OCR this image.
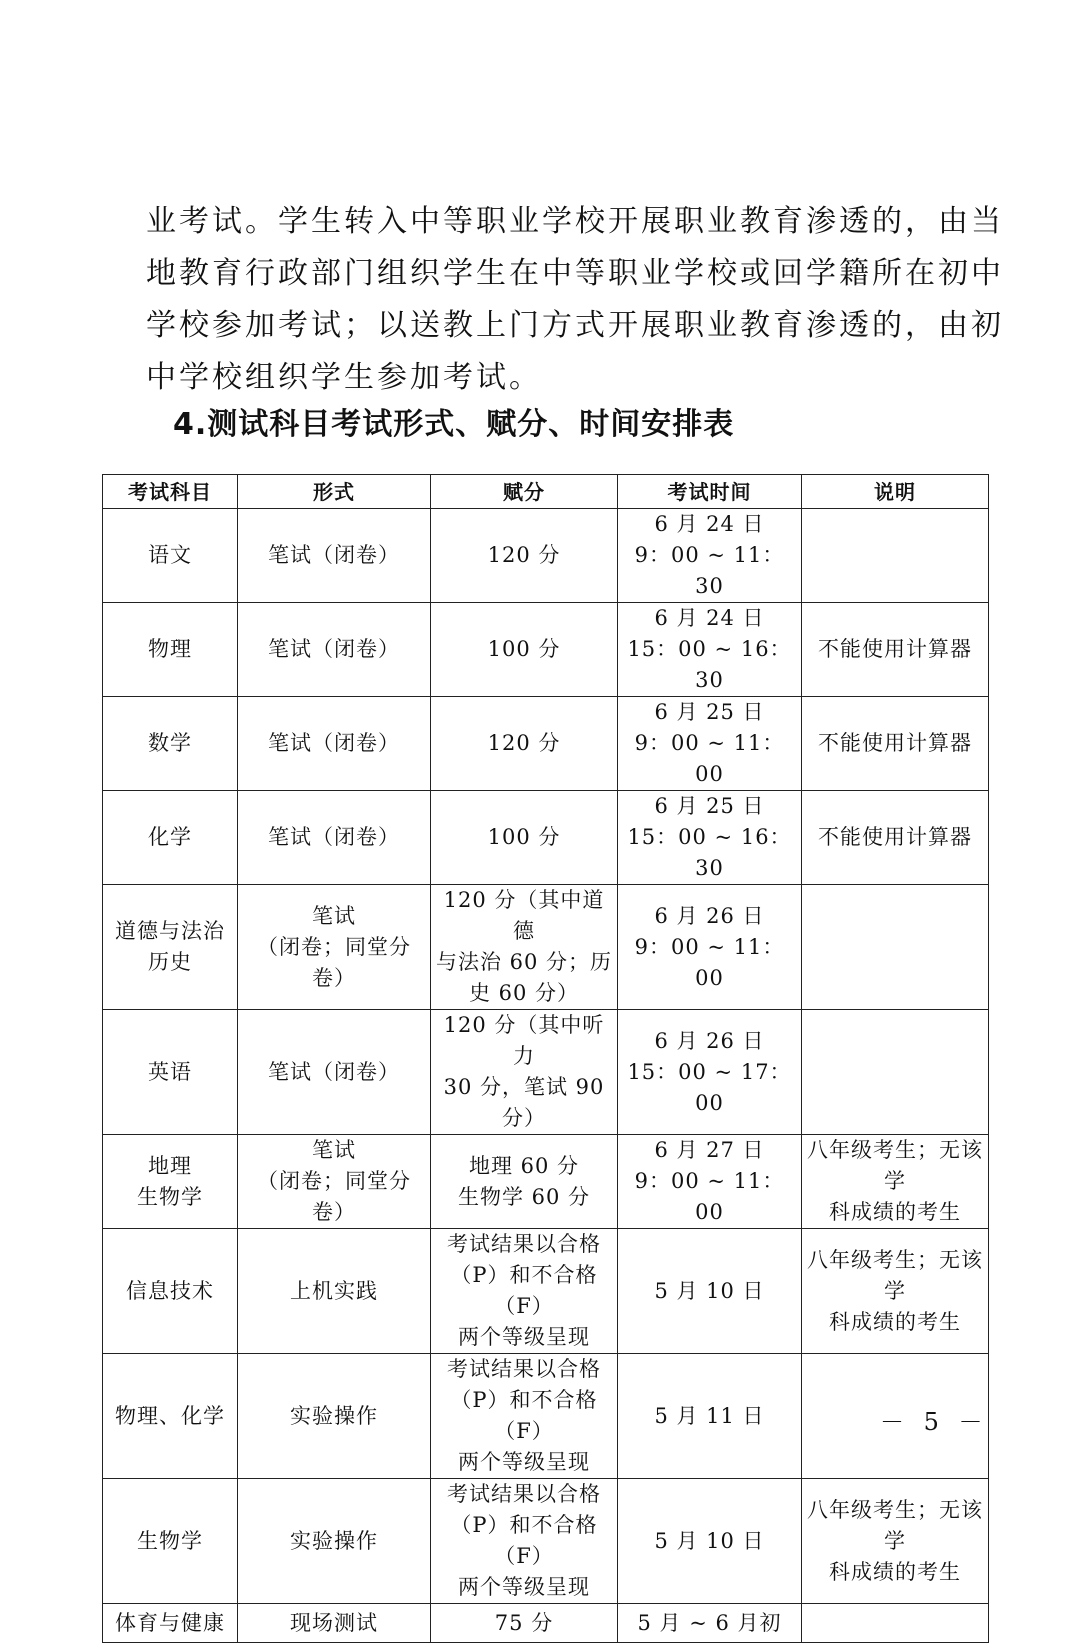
业考试。学生转入中等职业学校开展职业教育渗透的，由当
地教育行政部门组织学生在中等职业学校或回学籍所在初中
学校参加考试；以送教上门方式开展职业教育渗透的，由初
中学校组织学生参加考试。
4.测试科目考试形式、赋分、时间安排表
考试科目	形式	赋分	考试时间	说明

语文	笔试（闭卷）	120 分	6 月 24 日
9：00 ~ 11：30	

物理	笔试（闭卷）	100 分	6 月 24 日
15：00 ~ 16：30	不能使用计算器

数学	笔试（闭卷）	120 分	6 月 25 日
9：00 ~ 11：00	不能使用计算器

化学	笔试（闭卷）	100 分	6 月 25 日
15：00 ~ 16：30	不能使用计算器

道德与法治
历史	笔试
（闭卷；同堂分
卷）	120 分（其中道德
与法治 60 分；历
史 60 分）	6 月 26 日
9：00 ~ 11：00	

英语	笔试（闭卷）	120 分（其中听力
30 分，笔试 90 分）	6 月 26 日
15：00 ~ 17：00	

地理
生物学	笔试
（闭卷；同堂分
卷）	地理 60 分
生物学 60 分	6 月 27 日
9：00 ~ 11：00	八年级考生；无该学
科成绩的考生

信息技术	上机实践	考试结果以合格
（P）和不合格（F）
两个等级呈现	5 月 10 日	八年级考生；无该学
科成绩的考生

物理、化学	实验操作	考试结果以合格
（P）和不合格（F）
两个等级呈现	5 月 11 日	

生物学	实验操作	考试结果以合格
（P）和不合格（F）
两个等级呈现	5 月 10 日	八年级考生；无该学
科成绩的考生

体育与健康	现场测试	75 分	5 月 ~ 6 月初	

－ 5 －
